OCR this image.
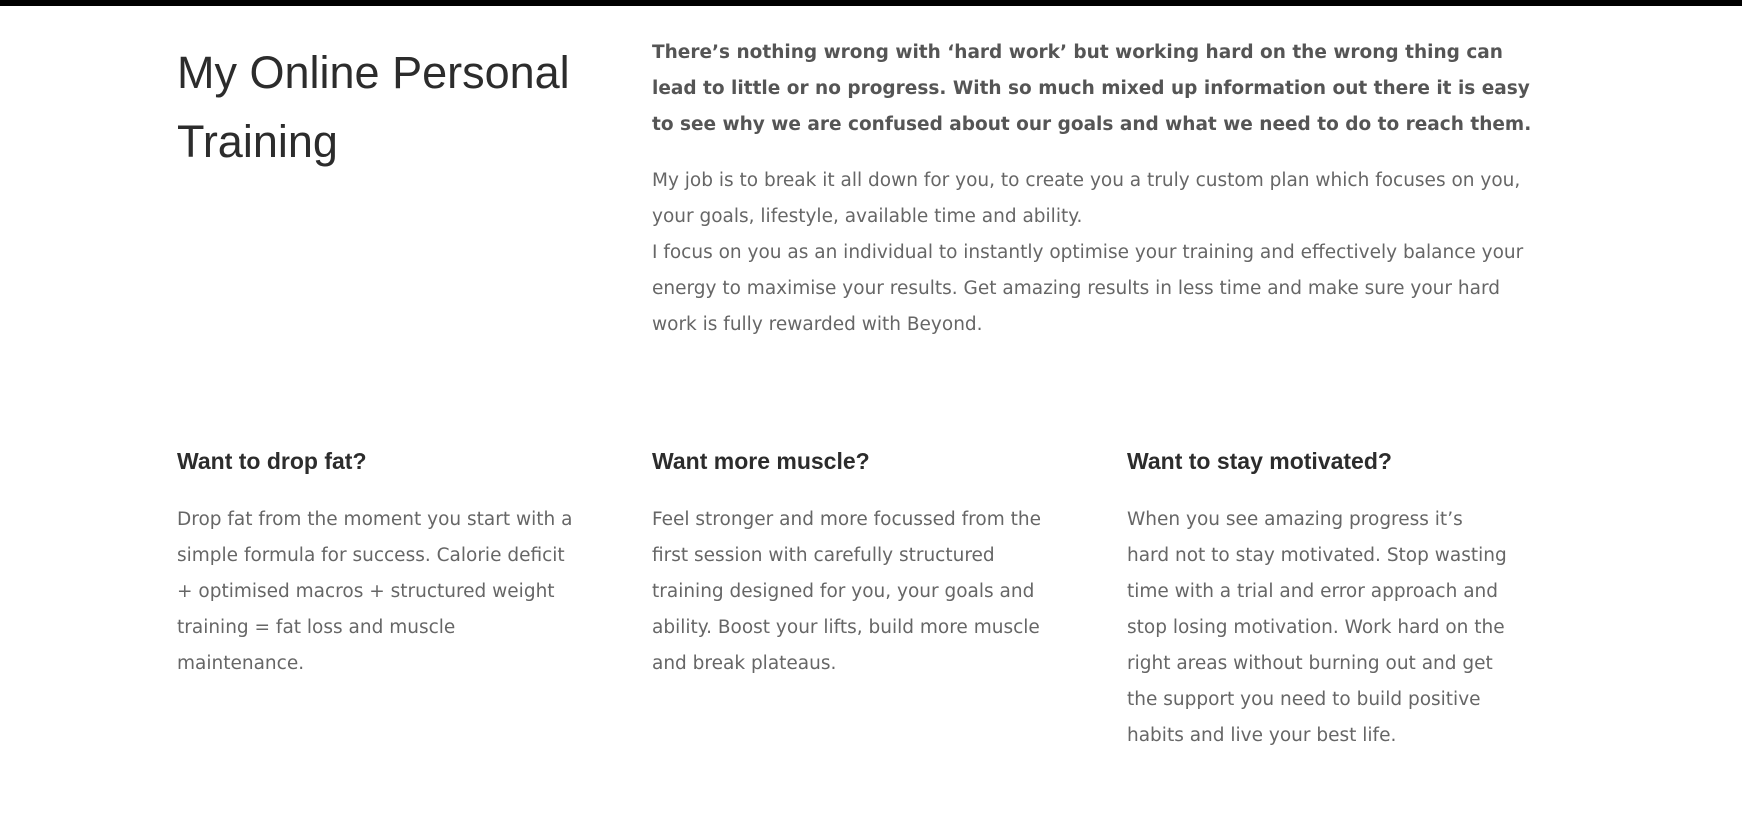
My Online Personal Training

There’s nothing wrong with ‘hard work’ but working hard on the wrong thing can lead to little or no progress. With so much mixed up information out there it is easy to see why we are confused about our goals and what we need to do to reach them.

My job is to break it all down for you, to create you a truly custom plan which focuses on you, your goals, lifestyle, available time and ability.
I focus on you as an individual to instantly optimise your training and effectively balance your energy to maximise your results. Get amazing results in less time and make sure your hard work is fully rewarded with Beyond.

Want to drop fat?

Drop fat from the moment you start with a simple formula for success. Calorie deficit + optimised macros + structured weight training = fat loss and muscle maintenance.

Want more muscle?

Feel stronger and more focussed from the first session with carefully structured training designed for you, your goals and ability. Boost your lifts, build more muscle and break plateaus.

Want to stay motivated?

When you see amazing progress it’s hard not to stay motivated. Stop wasting time with a trial and error approach and stop losing motivation. Work hard on the right areas without burning out and get the support you need to build positive habits and live your best life.
